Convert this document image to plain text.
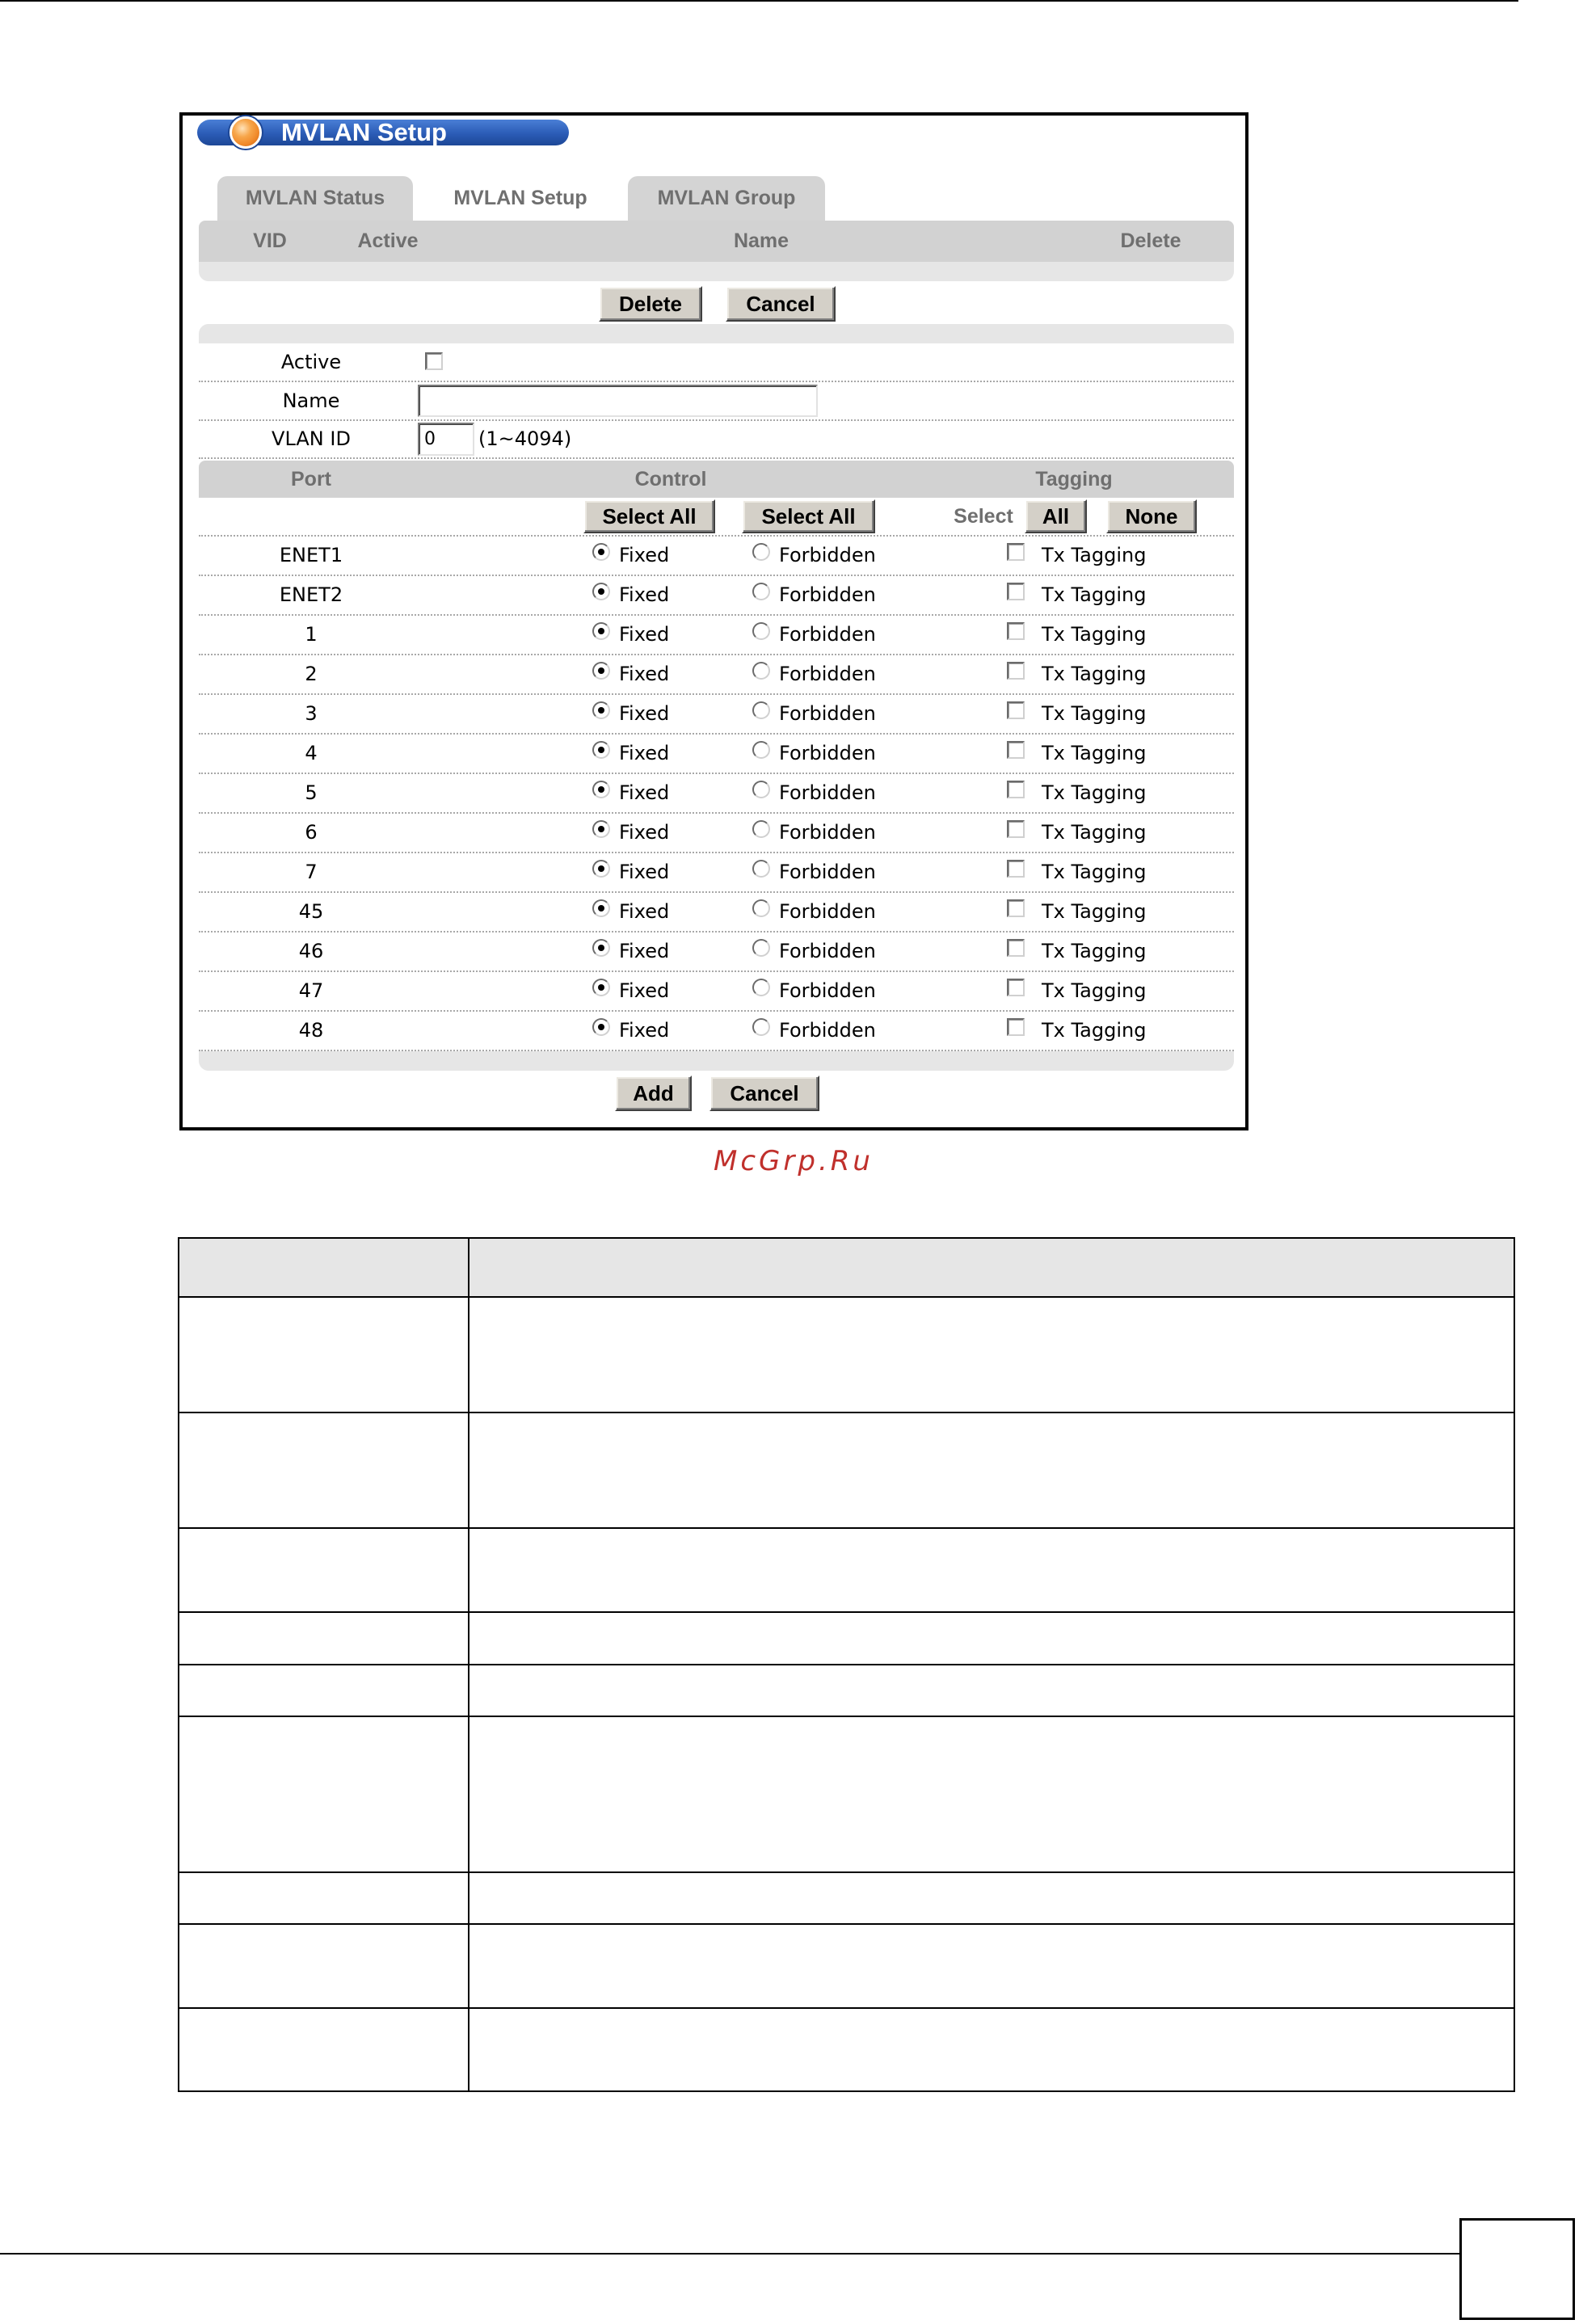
MVLAN Setup
MVLAN Status	MVLAN Setup	MVLAN Group
VID	Active	Name	Delete
Delete	Cancel
Active
Name
VLAN ID
0	(1~4094)
Port	Control	Tagging
Select All	Select All	Select	All	None
ENET1	Fixed	Forbidden	Tx Tagging
ENET2	Fixed	Forbidden	Tx Tagging
1	Fixed	Forbidden	Tx Tagging
2	Fixed	Forbidden	Tx Tagging
3	Fixed	Forbidden	Tx Tagging
4	Fixed	Forbidden	Tx Tagging
5	Fixed	Forbidden	Tx Tagging
6	Fixed	Forbidden	Tx Tagging
7	Fixed	Forbidden	Tx Tagging
45	Fixed	Forbidden	Tx Tagging
46	Fixed	Forbidden	Tx Tagging
47	Fixed	Forbidden	Tx Tagging
48	Fixed	Forbidden	Tx Tagging
Add	Cancel
McGrp.Ru
